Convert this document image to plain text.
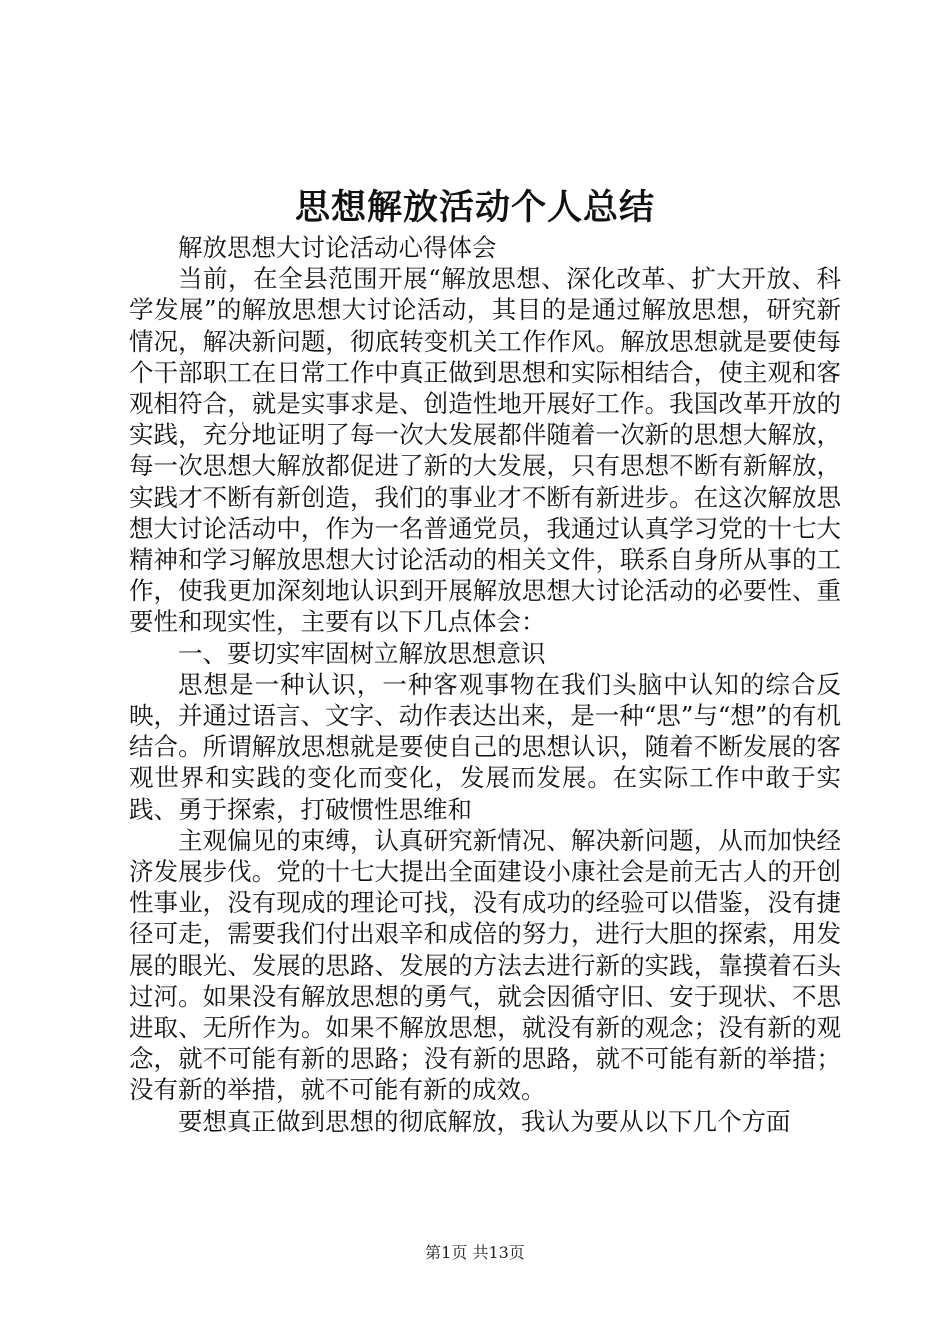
思想解放活动个人总结

解放思想大讨论活动心得体会

当前，在全县范围开展“解放思想、深化改革、扩大开放、科学发展”的解放思想大讨论活动，其目的是通过解放思想，研究新情况，解决新问题，彻底转变机关工作作风。解放思想就是要使每个干部职工在日常工作中真正做到思想和实际相结合，使主观和客观相符合，就是实事求是、创造性地开展好工作。我国改革开放的实践，充分地证明了每一次大发展都伴随着一次新的思想大解放，每一次思想大解放都促进了新的大发展，只有思想不断有新解放，实践才不断有新创造，我们的事业才不断有新进步。在这次解放思想大讨论活动中，作为一名普通党员，我通过认真学习党的十七大精神和学习解放思想大讨论活动的相关文件，联系自身所从事的工作，使我更加深刻地认识到开展解放思想大讨论活动的必要性、重要性和现实性，主要有以下几点体会：

一、要切实牢固树立解放思想意识

思想是一种认识，一种客观事物在我们头脑中认知的综合反映，并通过语言、文字、动作表达出来，是一种“思”与“想”的有机结合。所谓解放思想就是要使自己的思想认识，随着不断发展的客观世界和实践的变化而变化，发展而发展。在实际工作中敢于实践、勇于探索，打破惯性思维和

主观偏见的束缚，认真研究新情况、解决新问题，从而加快经济发展步伐。党的十七大提出全面建设小康社会是前无古人的开创性事业，没有现成的理论可找，没有成功的经验可以借鉴，没有捷径可走，需要我们付出艰辛和成倍的努力，进行大胆的探索，用发展的眼光、发展的思路、发展的方法去进行新的实践，靠摸着石头过河。如果没有解放思想的勇气，就会因循守旧、安于现状、不思进取、无所作为。如果不解放思想，就没有新的观念；没有新的观念，就不可能有新的思路；没有新的思路，就不可能有新的举措；没有新的举措，就不可能有新的成效。

要想真正做到思想的彻底解放，我认为要从以下几个方面

第1页 共13页
